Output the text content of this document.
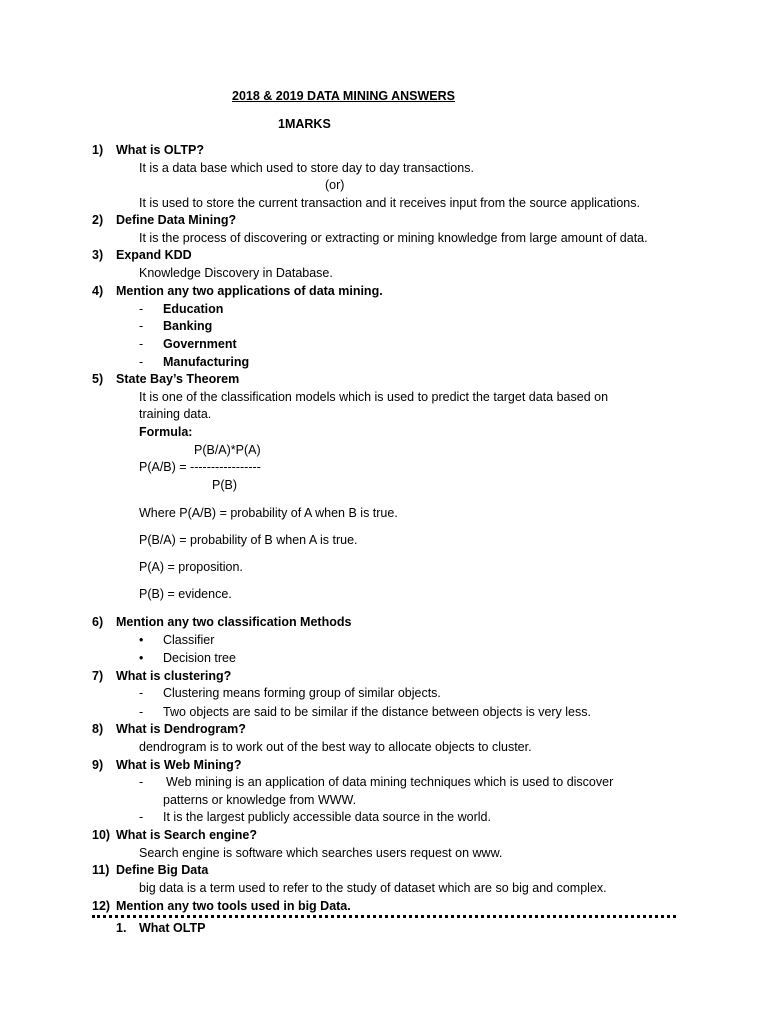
2018 & 2019 DATA MINING ANSWERS
1MARKS
1) What is OLTP?
It is a data base which used to store day to day transactions.
(or)
It is used to store the current transaction and it receives input from the source applications.
2) Define Data Mining?
It is the process of discovering or extracting or mining knowledge from large amount of data.
3) Expand KDD
Knowledge Discovery in Database.
4) Mention any two applications of data mining.
- Education
- Banking
- Government
- Manufacturing
5) State Bay’s Theorem
It is one of the classification models which is used to predict the target data based on
training data.
Formula:
P(B/A)*P(A)
P(A/B) = -----------------
P(B)
Where P(A/B) = probability of A when B is true.
P(B/A) = probability of B when A is true.
P(A) = proposition.
P(B) = evidence.
6) Mention any two classification Methods
• Classifier
• Decision tree
7) What is clustering?
- Clustering means forming group of similar objects.
- Two objects are said to be similar if the distance between objects is very less.
8) What is Dendrogram?
dendrogram is to work out of the best way to allocate objects to cluster.
9) What is Web Mining?
- Web mining is an application of data mining techniques which is used to discover
patterns or knowledge from WWW.
- It is the largest publicly accessible data source in the world.
10) What is Search engine?
Search engine is software which searches users request on www.
11) Define Big Data
big data is a term used to refer to the study of dataset which are so big and complex.
12) Mention any two tools used in big Data.
1. What OLTP
